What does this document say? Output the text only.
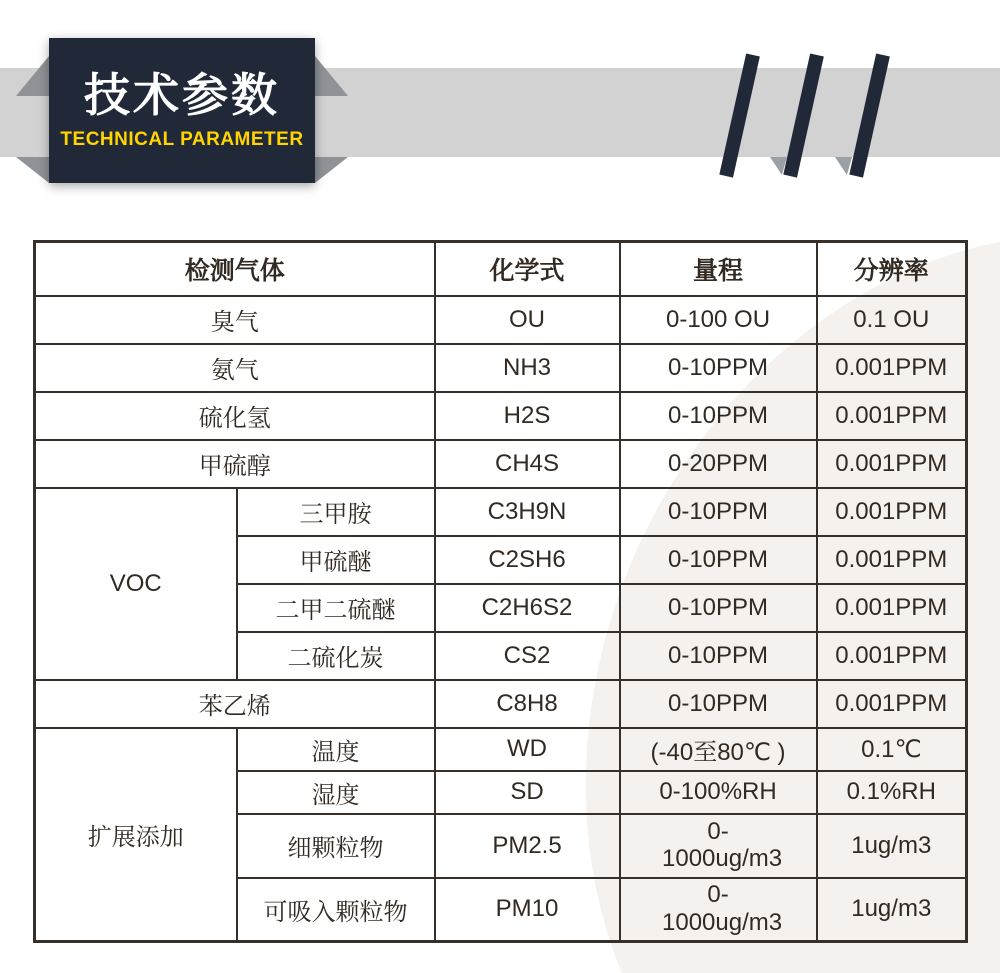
技术参数
TECHNICAL PARAMETER
检测气体		化学式	量程	分辨率
臭气		OU	0-100 OU	0.1 OU
氨气		NH3	0-10PPM	0.001PPM
硫化氢		H2S	0-10PPM	0.001PPM
甲硫醇		CH4S	0-20PPM	0.001PPM
VOC	三甲胺	C3H9N	0-10PPM	0.001PPM
	甲硫醚	C2SH6	0-10PPM	0.001PPM
	二甲二硫醚	C2H6S2	0-10PPM	0.001PPM
	二硫化炭	CS2	0-10PPM	0.001PPM
苯乙烯		C8H8	0-10PPM	0.001PPM
扩展添加	温度	WD	(-40至80℃ )	0.1℃
	湿度	SD	0-100%RH	0.1%RH
	细颗粒物	PM2.5	0-1000ug/m3	1ug/m3
	可吸入颗粒物	PM10	0-1000ug/m3	1ug/m3
